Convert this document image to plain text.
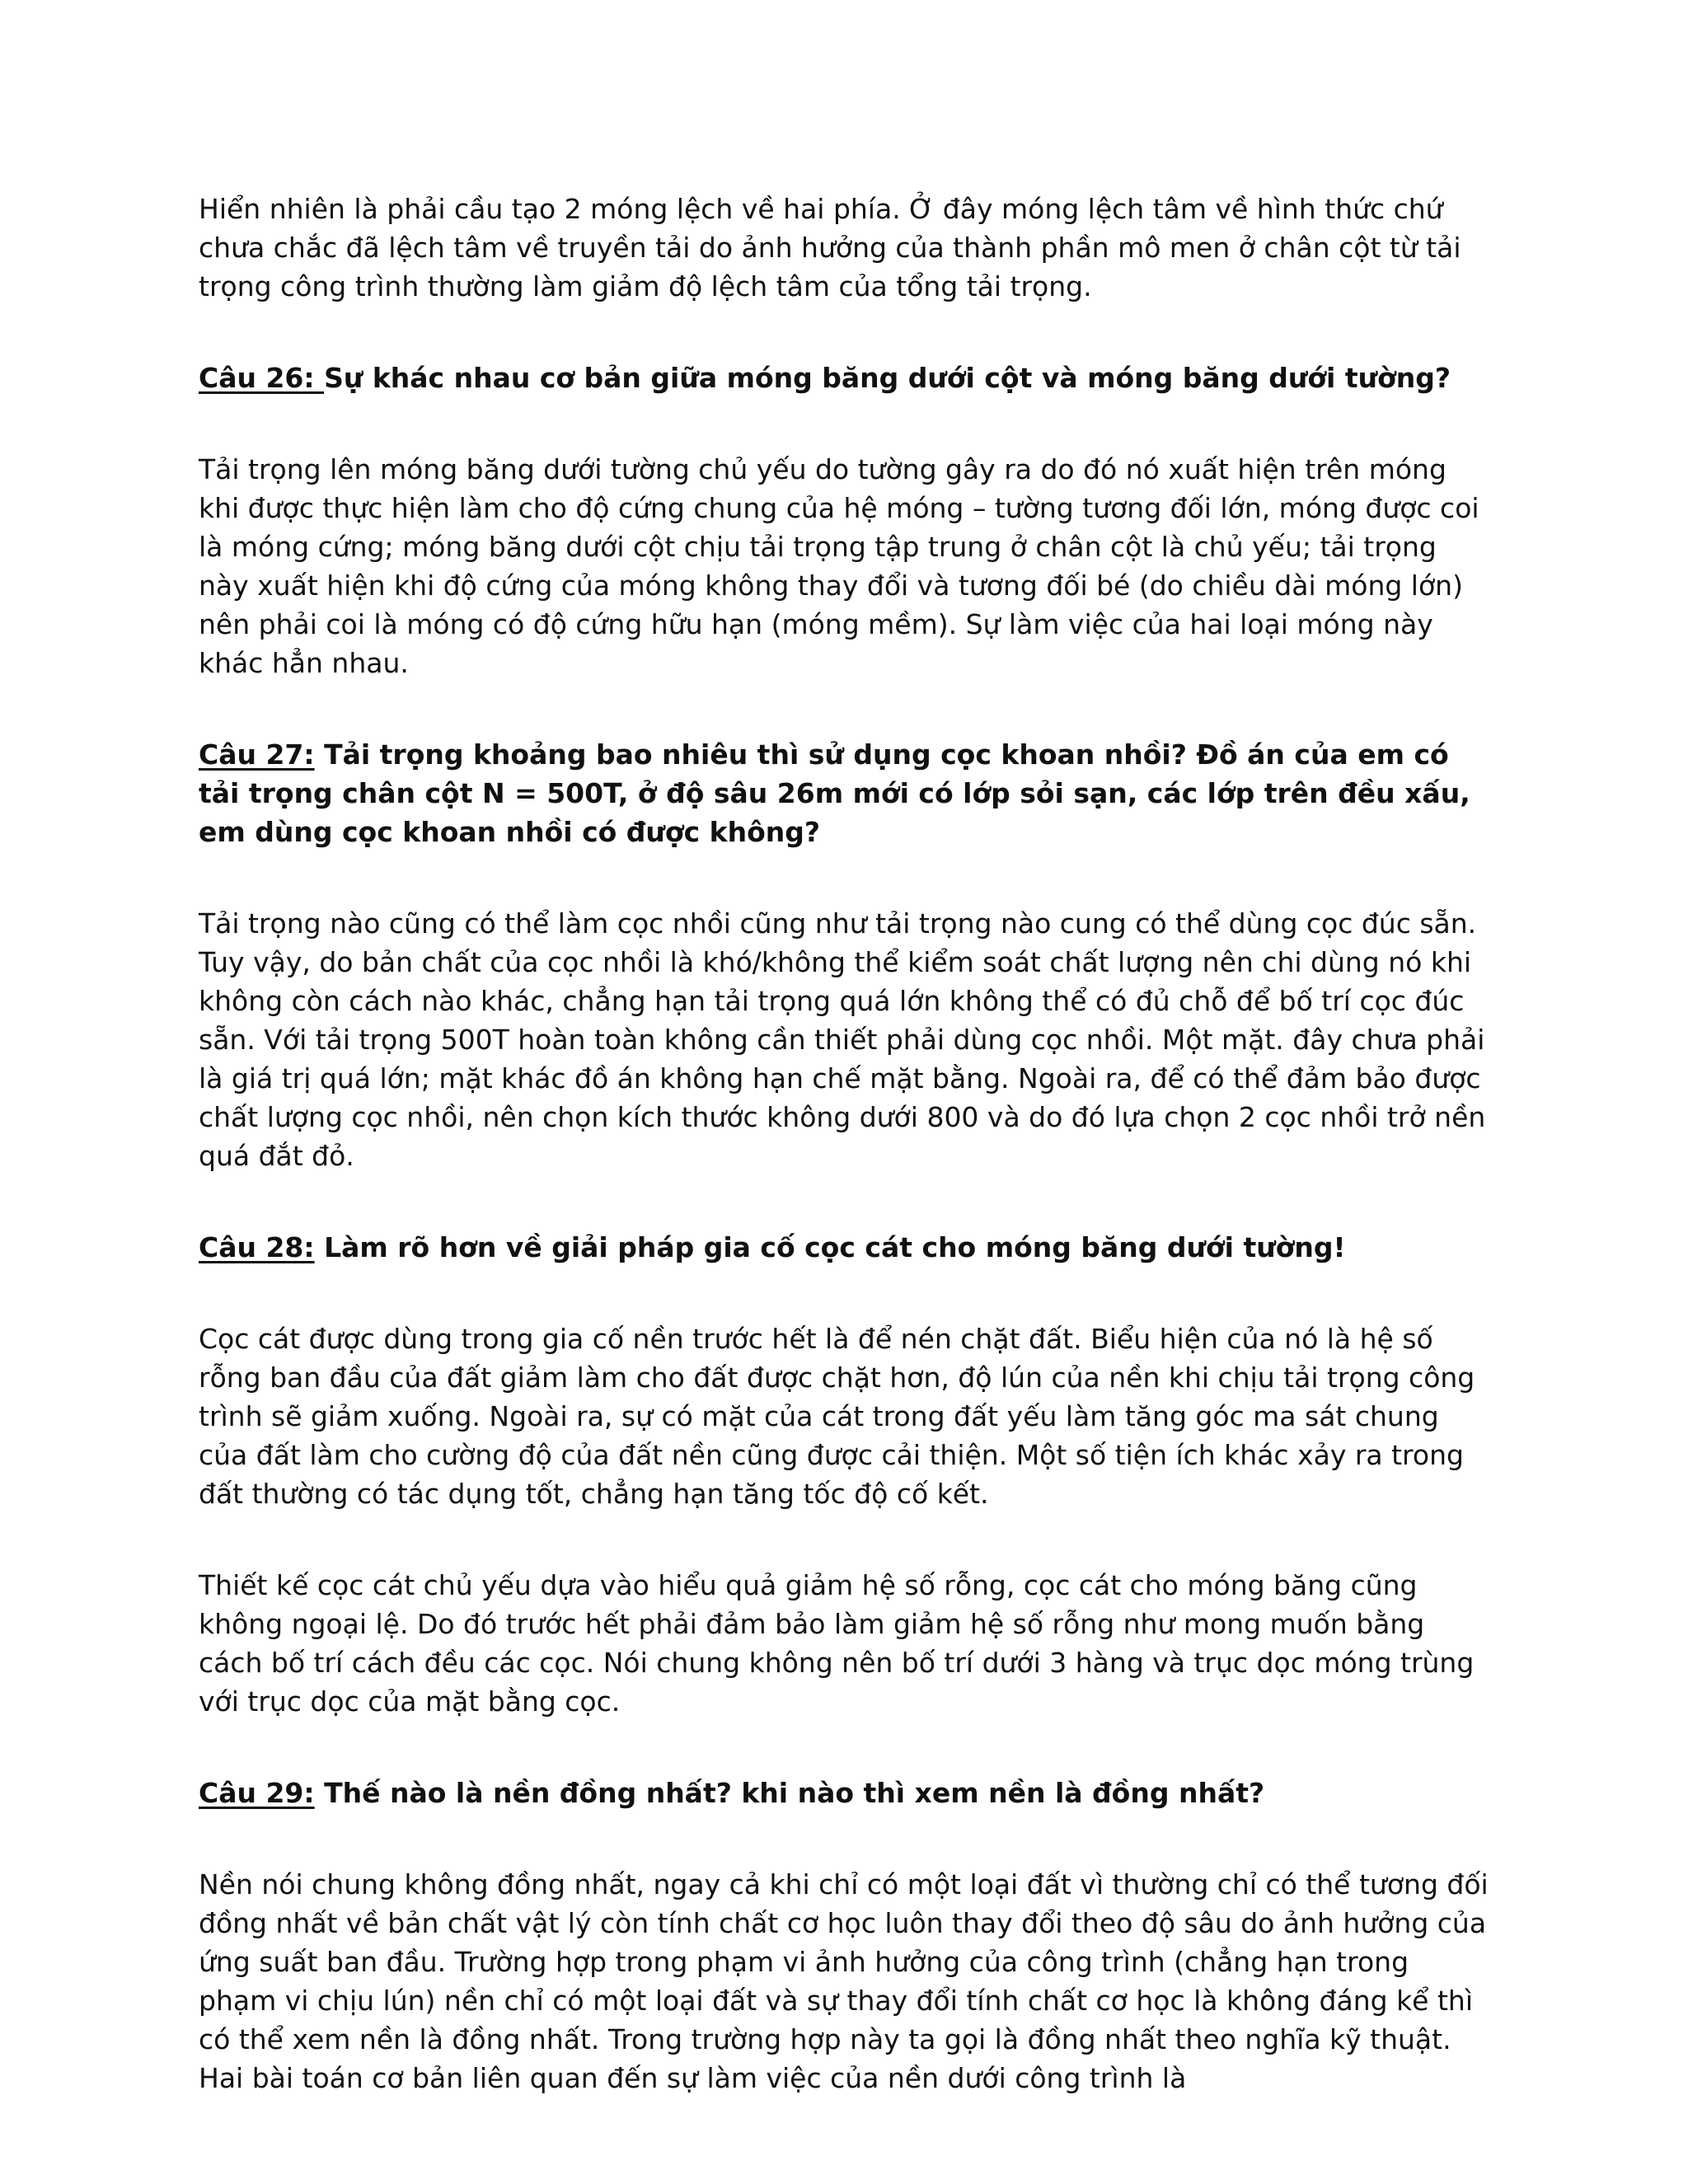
Hiển nhiên là phải cầu tạo 2 móng lệch về hai phía. Ở đây móng lệch tâm về hình thức chứ chưa chắc đã lệch tâm về truyền tải do ảnh hưởng của thành phần mô men ở chân cột từ tải trọng công trình thường làm giảm độ lệch tâm của tổng tải trọng.

Câu 26: Sự khác nhau cơ bản giữa móng băng dưới cột và móng băng dưới tường?

Tải trọng lên móng băng dưới tường chủ yếu do tường gây ra do đó nó xuất hiện trên móng khi được thực hiện làm cho độ cứng chung của hệ móng – tường tương đối lớn, móng được coi là móng cứng; móng băng dưới cột chịu tải trọng tập trung ở chân cột là chủ yếu; tải trọng này xuất hiện khi độ cứng của móng không thay đổi và tương đối bé (do chiều dài móng lớn) nên phải coi là móng có độ cứng hữu hạn (móng mềm). Sự làm việc của hai loại móng này khác hẳn nhau.

Câu 27: Tải trọng khoảng bao nhiêu thì sử dụng cọc khoan nhồi? Đồ án của em có tải trọng chân cột N = 500T, ở độ sâu 26m mới có lớp sỏi sạn, các lớp trên đều xấu, em dùng cọc khoan nhồi có được không?

Tải trọng nào cũng có thể làm cọc nhồi cũng như tải trọng nào cung có thể dùng cọc đúc sẵn. Tuy vậy, do bản chất của cọc nhồi là khó/không thể kiểm soát chất lượng nên chi dùng nó khi không còn cách nào khác, chẳng hạn tải trọng quá lớn không thể có đủ chỗ để bố trí cọc đúc sẵn. Với tải trọng 500T hoàn toàn không cần thiết phải dùng cọc nhồi. Một mặt. đây chưa phải là giá trị quá lớn; mặt khác đồ án không hạn chế mặt bằng. Ngoài ra, để có thể đảm bảo được chất lượng cọc nhồi, nên chọn kích thước không dưới 800 và do đó lựa chọn 2 cọc nhồi trở nền quá đắt đỏ.

Câu 28: Làm rõ hơn về giải pháp gia cố cọc cát cho móng băng dưới tường!

Cọc cát được dùng trong gia cố nền trước hết là để nén chặt đất. Biểu hiện của nó là hệ số rỗng ban đầu của đất giảm làm cho đất được chặt hơn, độ lún của nền khi chịu tải trọng công trình sẽ giảm xuống. Ngoài ra, sự có mặt của cát trong đất yếu làm tăng góc ma sát chung của đất làm cho cường độ của đất nền cũng được cải thiện. Một số tiện ích khác xảy ra trong đất thường có tác dụng tốt, chẳng hạn tăng tốc độ cố kết.

Thiết kế cọc cát chủ yếu dựa vào hiểu quả giảm hệ số rỗng, cọc cát cho móng băng cũng không ngoại lệ. Do đó trước hết phải đảm bảo làm giảm hệ số rỗng như mong muốn bằng cách bố trí cách đều các cọc. Nói chung không nên bố trí dưới 3 hàng và trục dọc móng trùng với trục dọc của mặt bằng cọc.

Câu 29: Thế nào là nền đồng nhất? khi nào thì xem nền là đồng nhất?

Nền nói chung không đồng nhất, ngay cả khi chỉ có một loại đất vì thường chỉ có thể tương đối đồng nhất về bản chất vật lý còn tính chất cơ học luôn thay đổi theo độ sâu do ảnh hưởng của ứng suất ban đầu. Trường hợp trong phạm vi ảnh hưởng của công trình (chẳng hạn trong phạm vi chịu lún) nền chỉ có một loại đất và sự thay đổi tính chất cơ học là không đáng kể thì có thể xem nền là đồng nhất. Trong trường hợp này ta gọi là đồng nhất theo nghĩa kỹ thuật. Hai bài toán cơ bản liên quan đến sự làm việc của nền dưới công trình là
